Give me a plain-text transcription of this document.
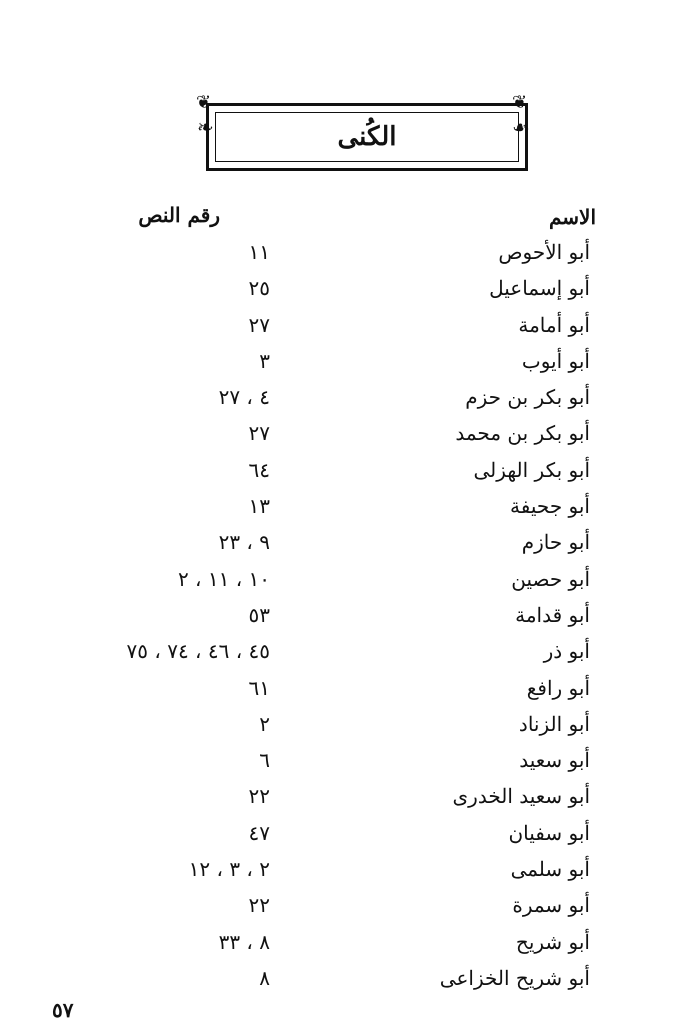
❦	❦
❧	☙
الكُنى
الاسم
رقم النص
أبو الأحوص
١١
أبو إسماعيل
٢٥
أبو أمامة
٢٧
أبو أيوب
٣
أبو بكر بن حزم
٤ ، ٢٧
أبو بكر بن محمد
٢٧
أبو بكر الهزلى
٦٤
أبو جحيفة
١٣
أبو حازم
٩ ، ٢٣
أبو حصين
١٠ ، ١١ ، ٢
أبو قدامة
٥٣
أبو ذر
٤٥ ، ٤٦ ، ٧٤ ، ٧٥
أبو رافع
٦١
أبو الزناد
٢
أبو سعيد
٦
أبو سعيد الخدرى
٢٢
أبو سفيان
٤٧
أبو سلمى
٢ ، ٣ ، ١٢
أبو سمرة
٢٢
أبو شريح
٨ ، ٣٣
أبو شريح الخزاعى
٨
٥٧
